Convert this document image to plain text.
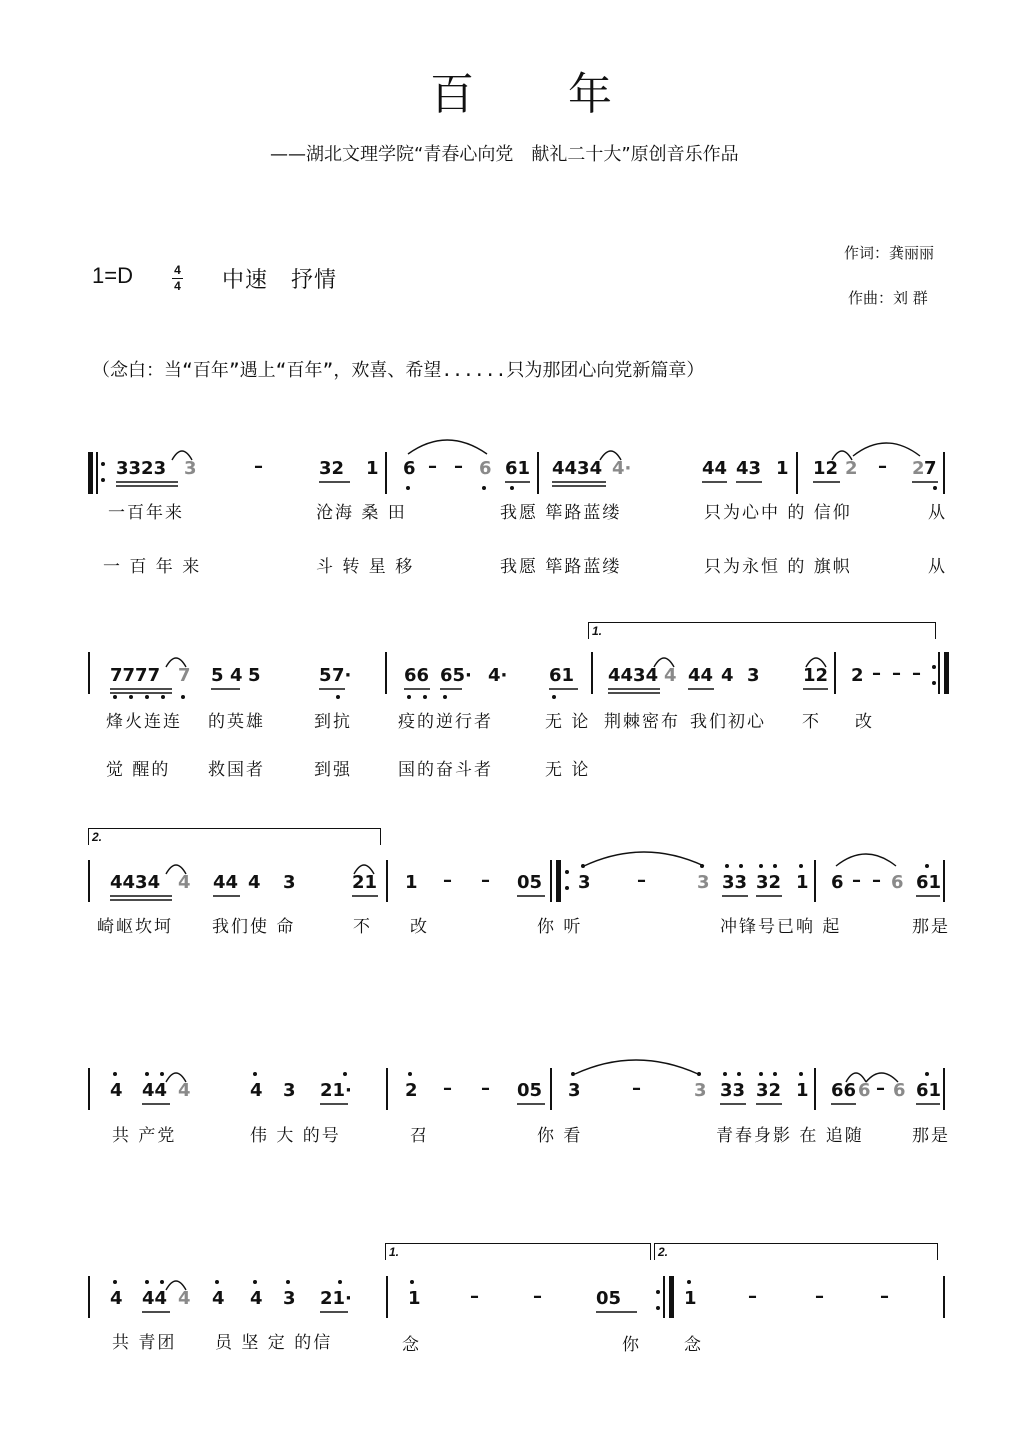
百 年
——湖北文理学院“青春心向党　献礼二十大”原创音乐作品
作词：龚丽丽
作曲：刘 群
1=D	4
4 中速　抒情
（念白：当“百年”遇上“百年”，欢喜、希望......只为那团心向党新篇章）
3323 3	–	32 1 6 – – 6 61 4434 4·	44 43 1 12 2 – 2 7
一百年来	沧海 桑 田	我愿 筚路蓝缕	只为心中 的 信仰	从
一 百 年 来	斗 转 星 移	我愿 筚路蓝缕	只为永恒 的 旗帜	从
1.
7777 7 5 4 5	5 7·	66 65· 4· 61 4434 4 44 4 3 12 2 – – –
烽火连连 的英雄	到抗	疫的逆行者	无 论 荆棘密布 我们初心 不 改
觉 醒的 救国者	到强	国的奋斗者	无 论
2.
4434 4 44 4 3	21 1 – – 05 3	–	3 33 32 1 6 – – 6 61
崎岖坎坷 我们使 命	不 改	你 听	冲锋号已响 起	那是
4 44 4	4 3 21·	2 – – 05 3	–	3 33 32 1 66 6 – 6 61
共 产党	伟 大 的号	召	你 看	青春身影 在 追随	那是
1.	2.
4 44 4 4 4 3 21·	1	–	–	05	1	–	–	–
共 青团 员 坚 定 的信	念	你	念
